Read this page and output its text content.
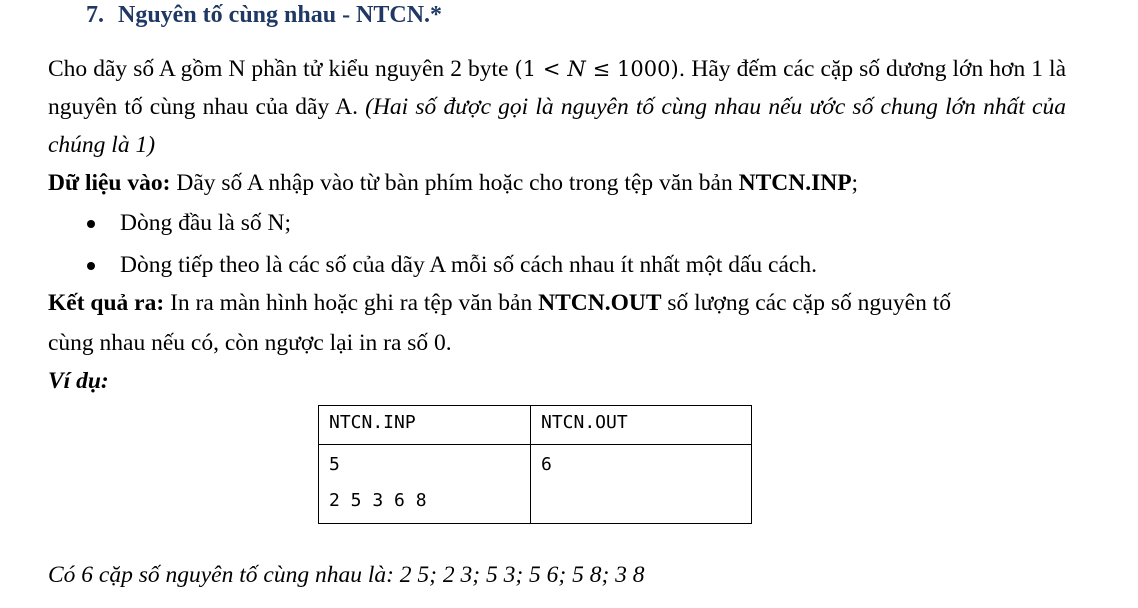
7. Nguyên tố cùng nhau - NTCN.*
Cho dãy số A gồm N phần tử kiểu nguyên 2 byte (1 < N ≤ 1000). Hãy đếm các cặp số dương lớn hơn 1 là nguyên tố cùng nhau của dãy A. (Hai số được gọi là nguyên tố cùng nhau nếu ước số chung lớn nhất của chúng là 1)
Dữ liệu vào: Dãy số A nhập vào từ bàn phím hoặc cho trong tệp văn bản NTCN.INP;
Dòng đầu là số N;
Dòng tiếp theo là các số của dãy A mỗi số cách nhau ít nhất một dấu cách.
Kết quả ra: In ra màn hình hoặc ghi ra tệp văn bản NTCN.OUT số lượng các cặp số nguyên tố
cùng nhau nếu có, còn ngược lại in ra số 0.
Ví dụ:
NTCN.INP	NTCN.OUT

5
2 5 3 6 8	6
Có 6 cặp số nguyên tố cùng nhau là: 2 5; 2 3; 5 3; 5 6; 5 8; 3 8
